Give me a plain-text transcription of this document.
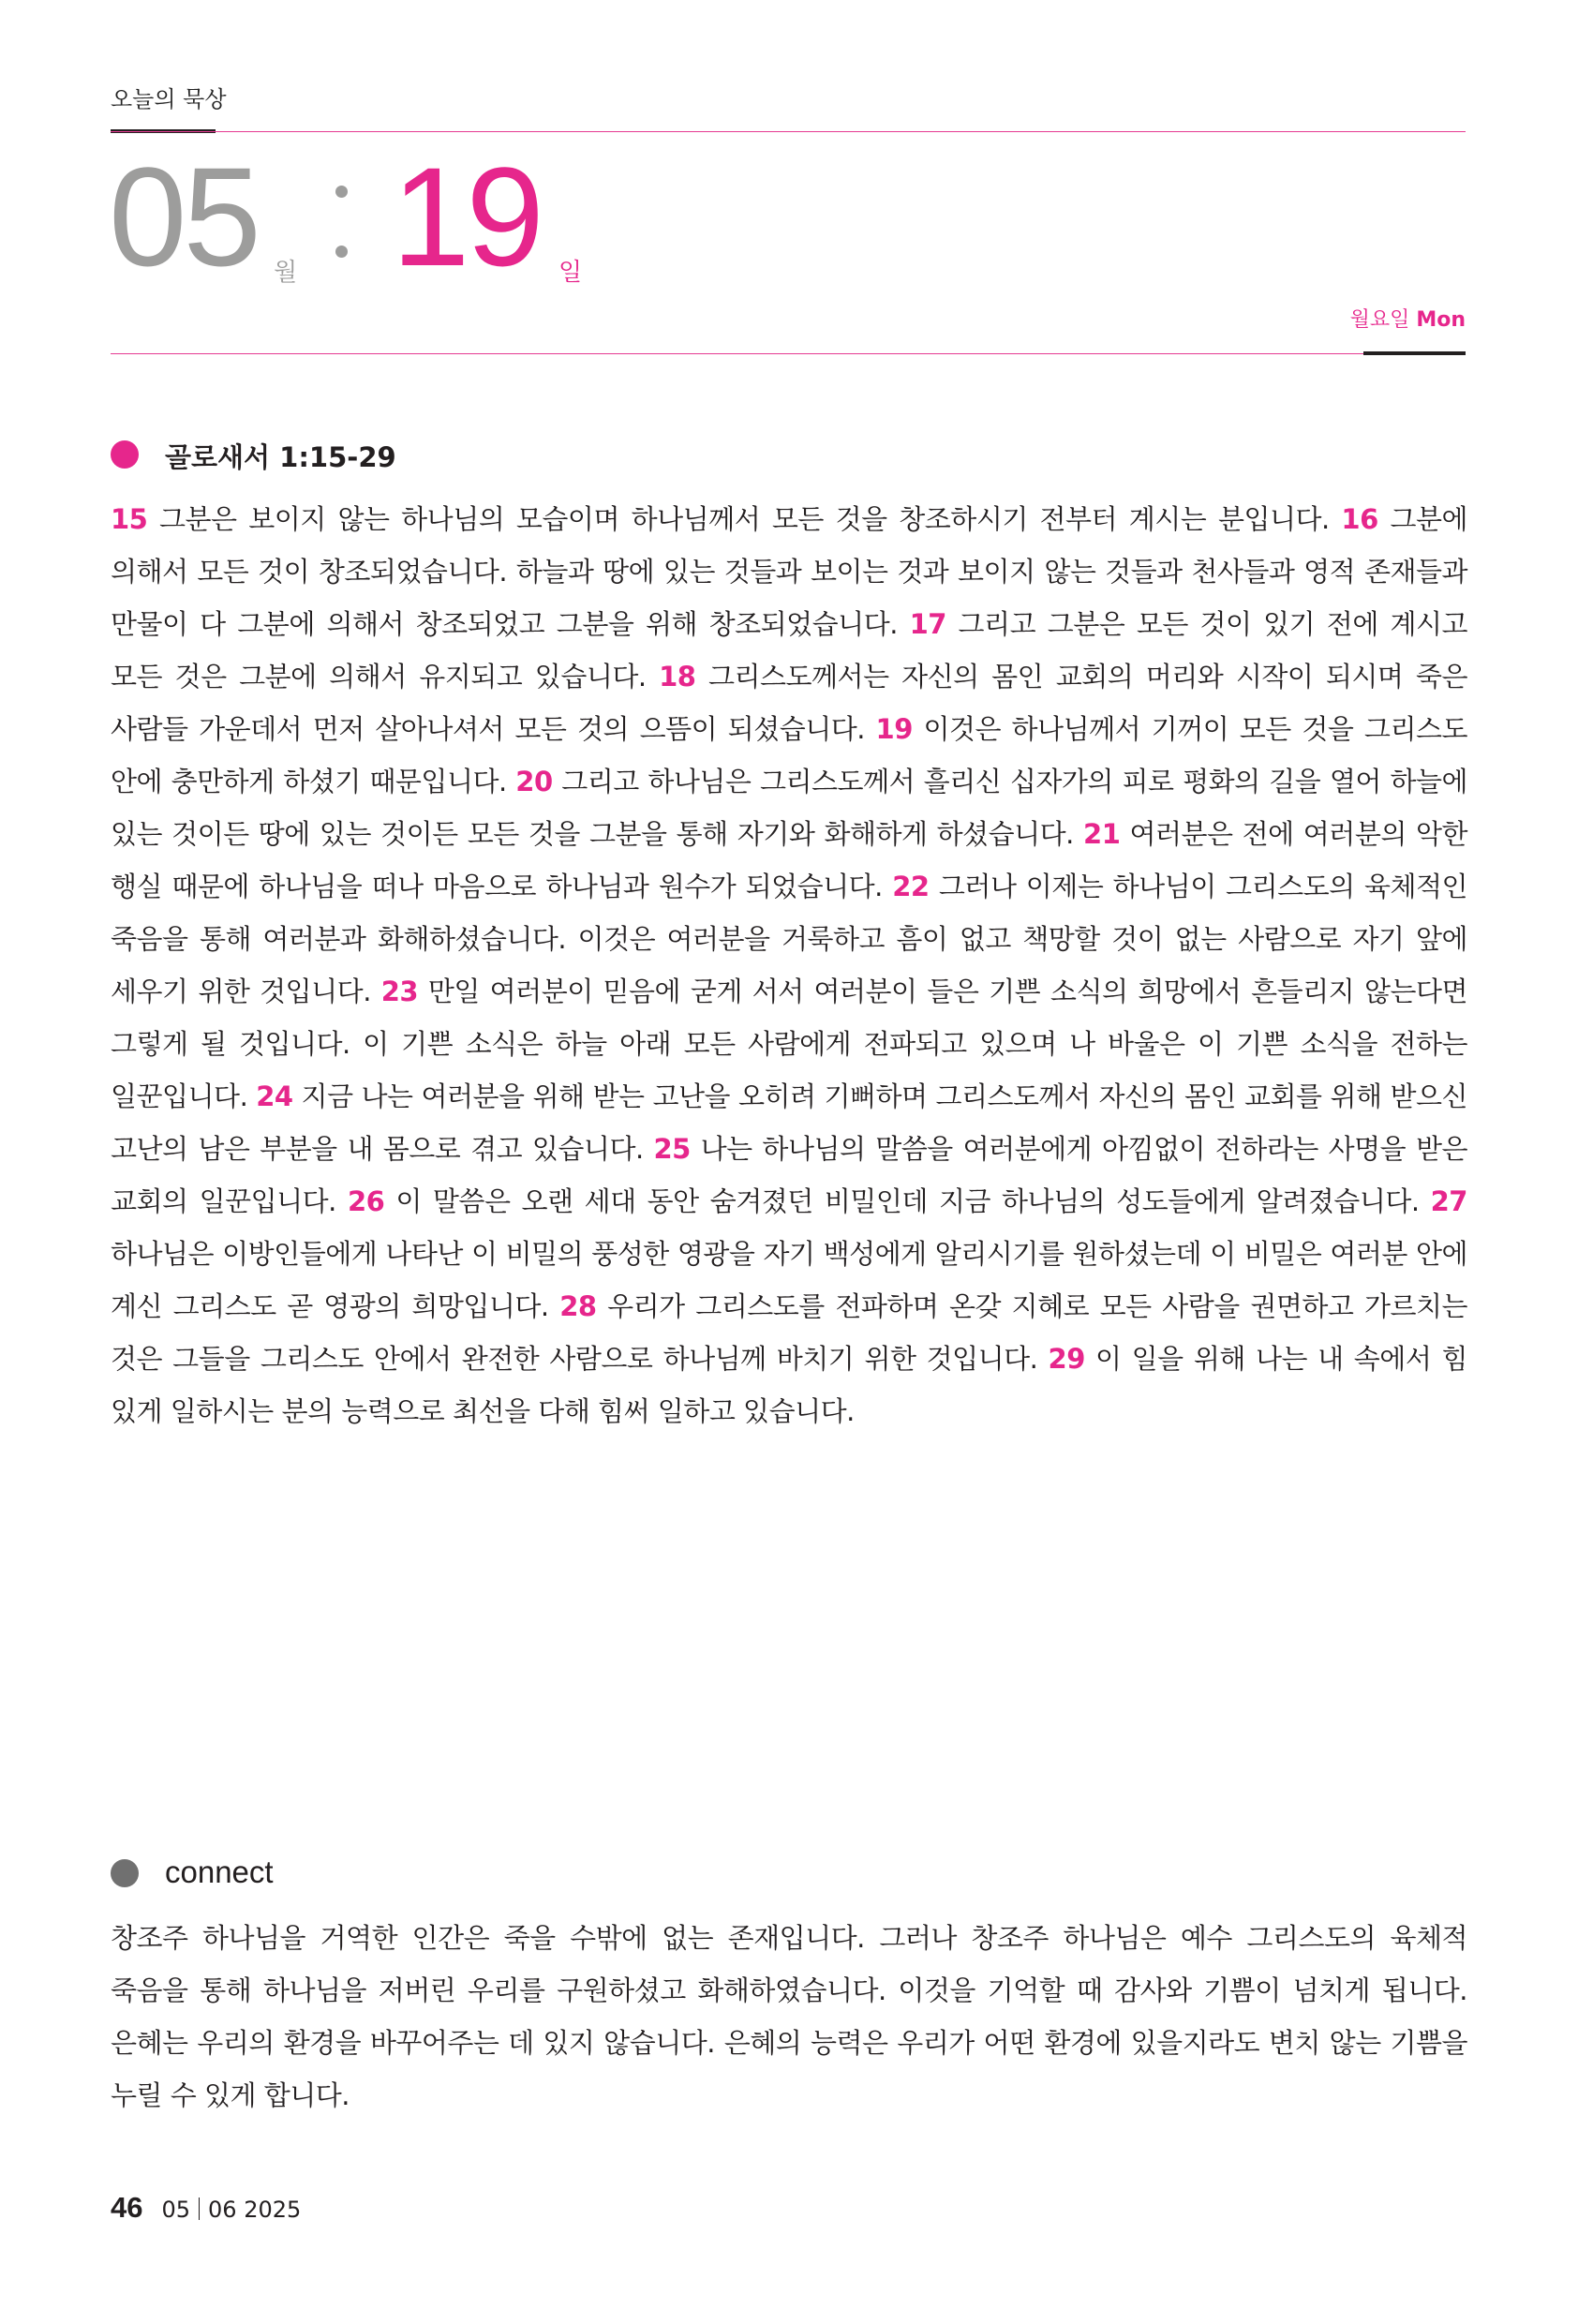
오늘의 묵상
05 월 19 일
월요일 Mon
골로새서 1:15-29
15 그분은 보이지 않는 하나님의 모습이며 하나님께서 모든 것을 창조하시기 전부터 계시는 분입니다. 16 그분에 의해서 모든 것이 창조되었습니다. 하늘과 땅에 있는 것들과 보이는 것과 보이지 않는 것들과 천사들과 영적 존재들과 만물이 다 그분에 의해서 창조되었고 그분을 위해 창조되었습니다. 17 그리고 그분은 모든 것이 있기 전에 계시고 모든 것은 그분에 의해서 유지되고 있습니다. 18 그리스도께서는 자신의 몸인 교회의 머리와 시작이 되시며 죽은 사람들 가운데서 먼저 살아나셔서 모든 것의 으뜸이 되셨습니다. 19 이것은 하나님께서 기꺼이 모든 것을 그리스도 안에 충만하게 하셨기 때문입니다. 20 그리고 하나님은 그리스도께서 흘리신 십자가의 피로 평화의 길을 열어 하늘에 있는 것이든 땅에 있는 것이든 모든 것을 그분을 통해 자기와 화해하게 하셨습니다. 21 여러분은 전에 여러분의 악한 행실 때문에 하나님을 떠나 마음으로 하나님과 원수가 되었습니다. 22 그러나 이제는 하나님이 그리스도의 육체적인 죽음을 통해 여러분과 화해하셨습니다. 이것은 여러분을 거룩하고 흠이 없고 책망할 것이 없는 사람으로 자기 앞에 세우기 위한 것입니다. 23 만일 여러분이 믿음에 굳게 서서 여러분이 들은 기쁜 소식의 희망에서 흔들리지 않는다면 그렇게 될 것입니다. 이 기쁜 소식은 하늘 아래 모든 사람에게 전파되고 있으며 나 바울은 이 기쁜 소식을 전하는 일꾼입니다. 24 지금 나는 여러분을 위해 받는 고난을 오히려 기뻐하며 그리스도께서 자신의 몸인 교회를 위해 받으신 고난의 남은 부분을 내 몸으로 겪고 있습니다. 25 나는 하나님의 말씀을 여러분에게 아낌없이 전하라는 사명을 받은 교회의 일꾼입니다. 26 이 말씀은 오랜 세대 동안 숨겨졌던 비밀인데 지금 하나님의 성도들에게 알려졌습니다. 27 하나님은 이방인들에게 나타난 이 비밀의 풍성한 영광을 자기 백성에게 알리시기를 원하셨는데 이 비밀은 여러분 안에 계신 그리스도 곧 영광의 희망입니다. 28 우리가 그리스도를 전파하며 온갖 지혜로 모든 사람을 권면하고 가르치는 것은 그들을 그리스도 안에서 완전한 사람으로 하나님께 바치기 위한 것입니다. 29 이 일을 위해 나는 내 속에서 힘 있게 일하시는 분의 능력으로 최선을 다해 힘써 일하고 있습니다.
connect
창조주 하나님을 거역한 인간은 죽을 수밖에 없는 존재입니다. 그러나 창조주 하나님은 예수 그리스도의 육체적 죽음을 통해 하나님을 저버린 우리를 구원하셨고 화해하였습니다. 이것을 기억할 때 감사와 기쁨이 넘치게 됩니다. 은혜는 우리의 환경을 바꾸어주는 데 있지 않습니다. 은혜의 능력은 우리가 어떤 환경에 있을지라도 변치 않는 기쁨을 누릴 수 있게 합니다.
46 05 06 2025
